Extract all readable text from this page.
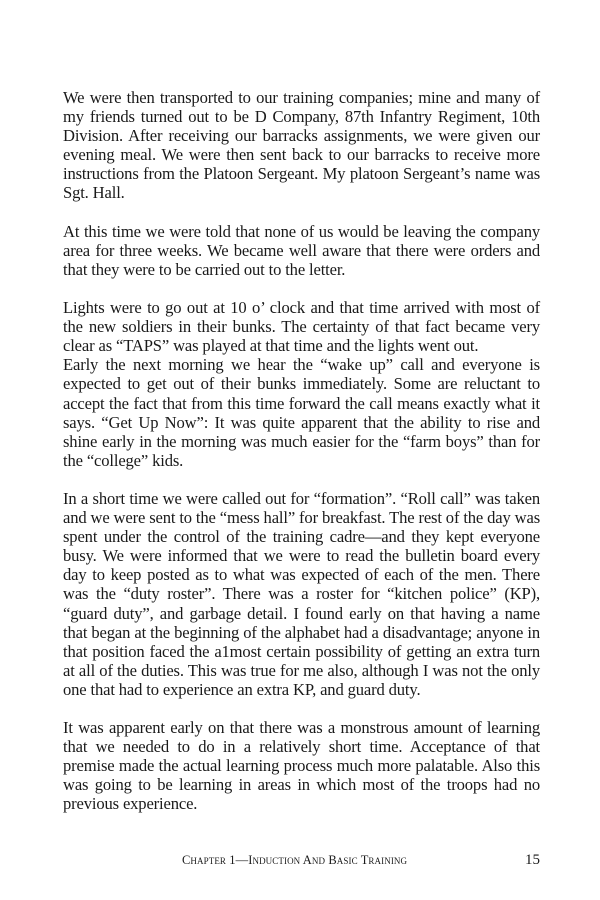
We were then transported to our training companies; mine and many of my friends turned out to be D Company, 87th Infantry Regiment, 10th Division. After receiving our barracks assignments, we were given our evening meal. We were then sent back to our barracks to receive more instructions from the Platoon Sergeant. My platoon Sergeant’s name was Sgt. Hall.

At this time we were told that none of us would be leaving the company area for three weeks. We became well aware that there were orders and that they were to be carried out to the letter.

Lights were to go out at 10 o’ clock and that time arrived with most of the new soldiers in their bunks. The certainty of that fact became very clear as “TAPS” was played at that time and the lights went out.

Early the next morning we hear the “wake up” call and everyone is expected to get out of their bunks immediately. Some are reluctant to accept the fact that from this time forward the call means exactly what it says. “Get Up Now”: It was quite apparent that the ability to rise and shine early in the morning was much easier for the “farm boys” than for the “college” kids.

In a short time we were called out for “formation”. “Roll call” was taken and we were sent to the “mess hall” for breakfast. The rest of the day was spent under the control of the training cadre—and they kept everyone busy. We were informed that we were to read the bulletin board every day to keep posted as to what was expected of each of the men. There was the “duty roster”. There was a roster for “kitchen police” (KP), “guard duty”, and garbage detail. I found early on that having a name that began at the beginning of the alphabet had a disadvantage; anyone in that position faced the a1most certain possibility of getting an extra turn at all of the duties. This was true for me also, although I was not the only one that had to experience an extra KP, and guard duty.

It was apparent early on that there was a monstrous amount of learning that we needed to do in a relatively short time. Acceptance of that premise made the actual learning process much more palatable. Also this was going to be learning in areas in which most of the troops had no previous experience.

Chapter 1—Induction And Basic Training	15
